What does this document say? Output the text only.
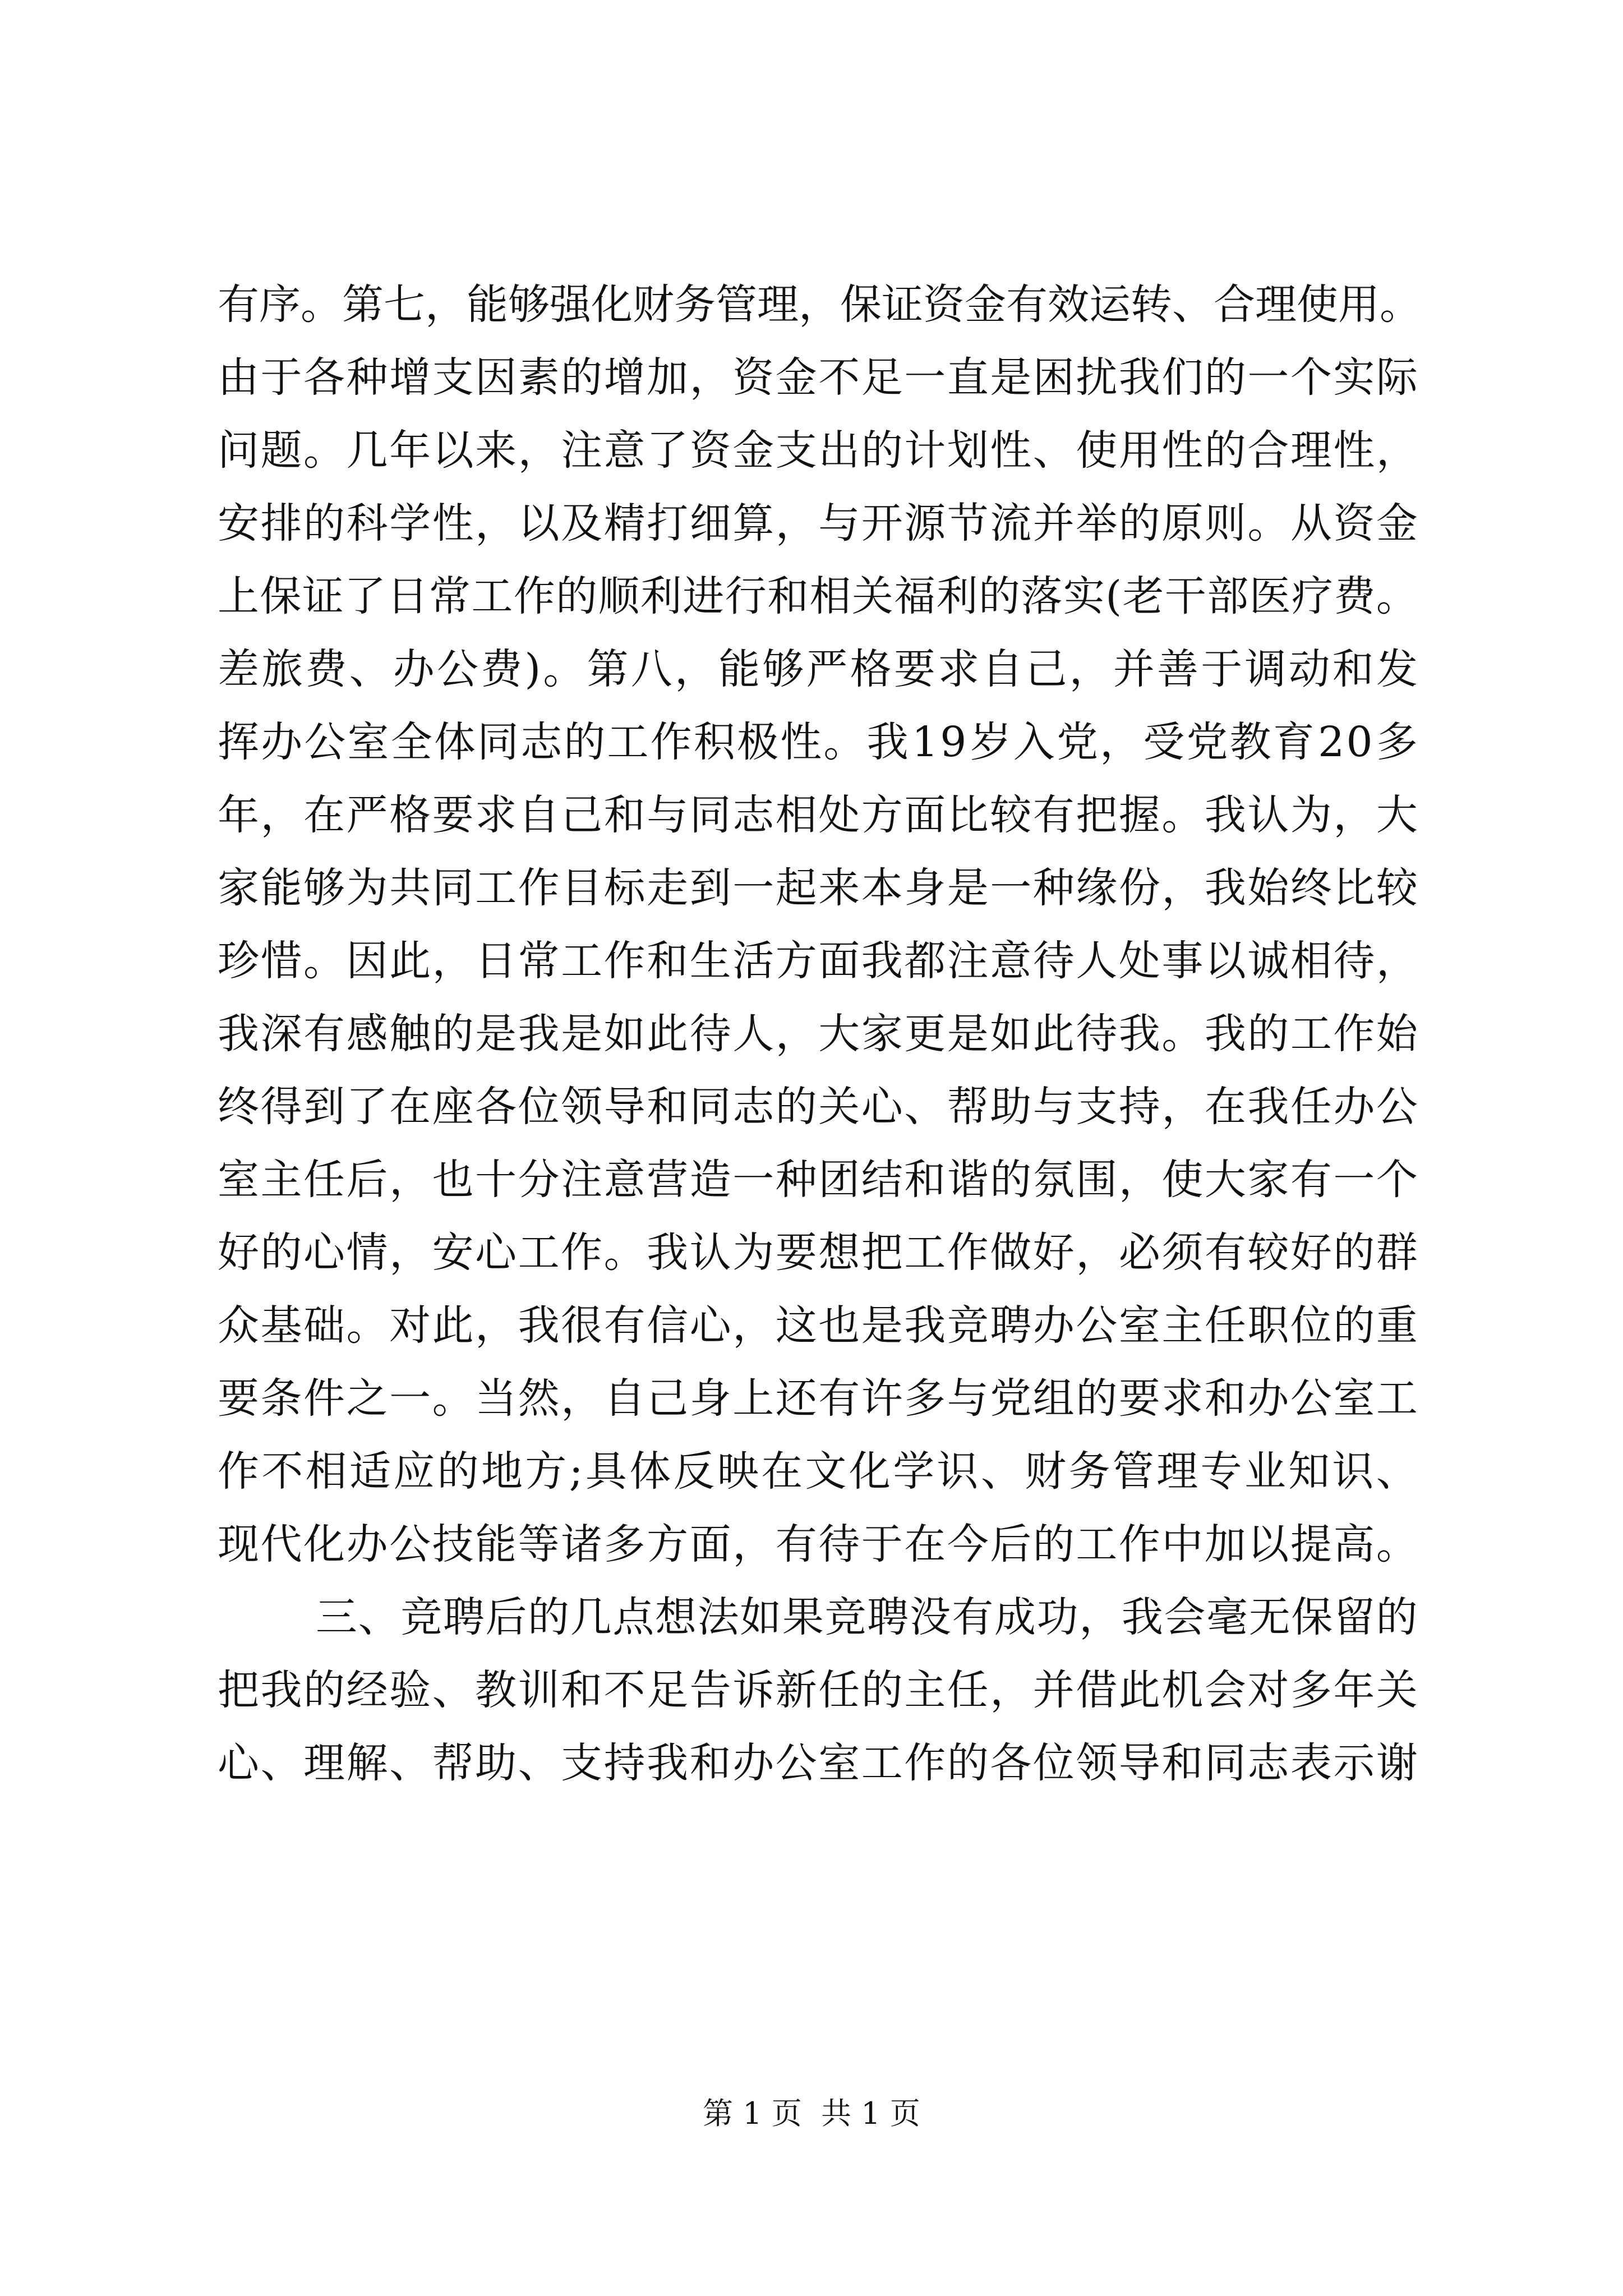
有 序 。 第 七 ， 能 够 强 化 财 务 管 理 ， 保 证 资 金 有 效 运 转 、 合 理 使 用 。
由 于 各 种 增 支 因 素 的 增 加 ， 资 金 不 足 一 直 是 困 扰 我 们 的 一 个 实 际
问 题 。 几 年 以 来 ， 注 意 了 资 金 支 出 的 计 划 性 、 使 用 性 的 合 理 性 ，
安 排 的 科 学 性 ， 以 及 精 打 细 算 ， 与 开 源 节 流 并 举 的 原 则 。 从 资 金
上 保 证 了 日 常 工 作 的 顺 利 进 行 和 相 关 福 利 的 落 实 ( 老 干 部 医 疗 费 。
差 旅 费 、 办 公 费 ) 。 第 八 ， 能 够 严 格 要 求 自 己 ， 并 善 于 调 动 和 发
挥 办 公 室 全 体 同 志 的 工 作 积 极 性 。 我 1 9 岁 入 党 ， 受 党 教 育 2 0 多
年 ， 在 严 格 要 求 自 己 和 与 同 志 相 处 方 面 比 较 有 把 握 。 我 认 为 ， 大
家 能 够 为 共 同 工 作 目 标 走 到 一 起 来 本 身 是 一 种 缘 份 ， 我 始 终 比 较
珍 惜 。 因 此 ， 日 常 工 作 和 生 活 方 面 我 都 注 意 待 人 处 事 以 诚 相 待 ，
我 深 有 感 触 的 是 我 是 如 此 待 人 ， 大 家 更 是 如 此 待 我 。 我 的 工 作 始
终 得 到 了 在 座 各 位 领 导 和 同 志 的 关 心 、 帮 助 与 支 持 ， 在 我 任 办 公
室 主 任 后 ， 也 十 分 注 意 营 造 一 种 团 结 和 谐 的 氛 围 ， 使 大 家 有 一 个
好 的 心 情 ， 安 心 工 作 。 我 认 为 要 想 把 工 作 做 好 ， 必 须 有 较 好 的 群
众 基 础 。 对 此 ， 我 很 有 信 心 ， 这 也 是 我 竞 聘 办 公 室 主 任 职 位 的 重
要 条 件 之 一 。 当 然 ， 自 己 身 上 还 有 许 多 与 党 组 的 要 求 和 办 公 室 工
作 不 相 适 应 的 地 方 ; 具 体 反 映 在 文 化 学 识 、 财 务 管 理 专 业 知 识 、
现 代 化 办 公 技 能 等 诸 多 方 面 ， 有 待 于 在 今 后 的 工 作 中 加 以 提 高 。
三 、 竞 聘 后 的 几 点 想 法 如 果 竞 聘 没 有 成 功 ， 我 会 毫 无 保 留 的
把 我 的 经 验 、 教 训 和 不 足 告 诉 新 任 的 主 任 ， 并 借 此 机 会 对 多 年 关
心 、 理 解 、 帮 助 、 支 持 我 和 办 公 室 工 作 的 各 位 领 导 和 同 志 表 示 谢
第 1 页  共 1 页
